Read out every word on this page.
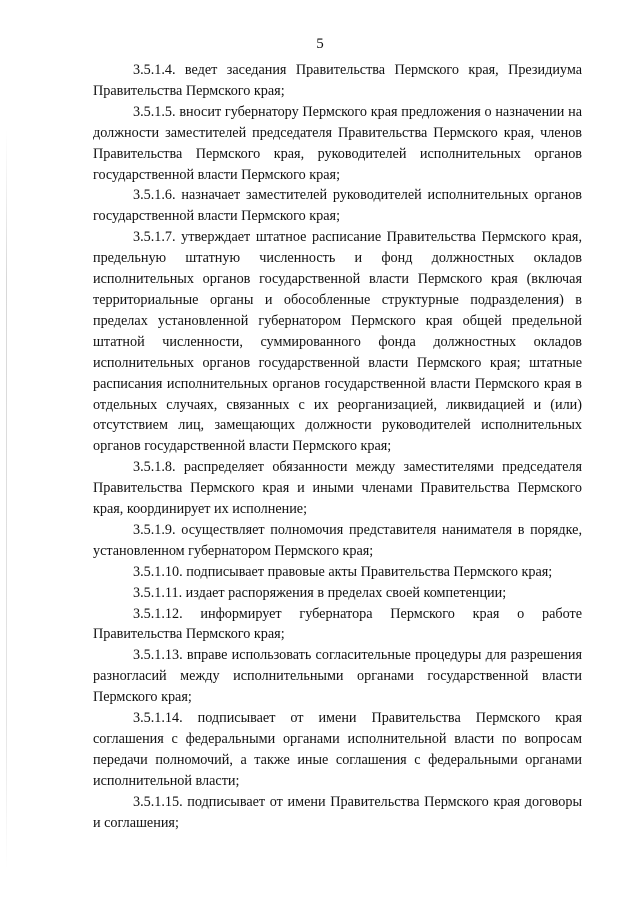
5

3.5.1.4. ведет заседания Правительства Пермского края, Президиума Правительства Пермского края;

3.5.1.5. вносит губернатору Пермского края предложения о назначении на должности заместителей председателя Правительства Пермского края, членов Правительства Пермского края, руководителей исполнительных органов государственной власти Пермского края;

3.5.1.6. назначает заместителей руководителей исполнительных органов государственной власти Пермского края;

3.5.1.7. утверждает штатное расписание Правительства Пермского края, предельную штатную численность и фонд должностных окладов исполнительных органов государственной власти Пермского края (включая территориальные органы и обособленные структурные подразделения) в пределах установленной губернатором Пермского края общей предельной штатной численности, суммированного фонда должностных окладов исполнительных органов государственной власти Пермского края; штатные расписания исполнительных органов государственной власти Пермского края в отдельных случаях, связанных с их реорганизацией, ликвидацией и (или) отсутствием лиц, замещающих должности руководителей исполнительных органов государственной власти Пермского края;

3.5.1.8. распределяет обязанности между заместителями председателя Правительства Пермского края и иными членами Правительства Пермского края, координирует их исполнение;

3.5.1.9. осуществляет полномочия представителя нанимателя в порядке, установленном губернатором Пермского края;

3.5.1.10. подписывает правовые акты Правительства Пермского края;

3.5.1.11. издает распоряжения в пределах своей компетенции;

3.5.1.12. информирует губернатора Пермского края о работе Правительства Пермского края;

3.5.1.13. вправе использовать согласительные процедуры для разрешения разногласий между исполнительными органами государственной власти Пермского края;

3.5.1.14. подписывает от имени Правительства Пермского края соглашения с федеральными органами исполнительной власти по вопросам передачи полномочий, а также иные соглашения с федеральными органами исполнительной власти;

3.5.1.15. подписывает от имени Правительства Пермского края договоры и соглашения;
